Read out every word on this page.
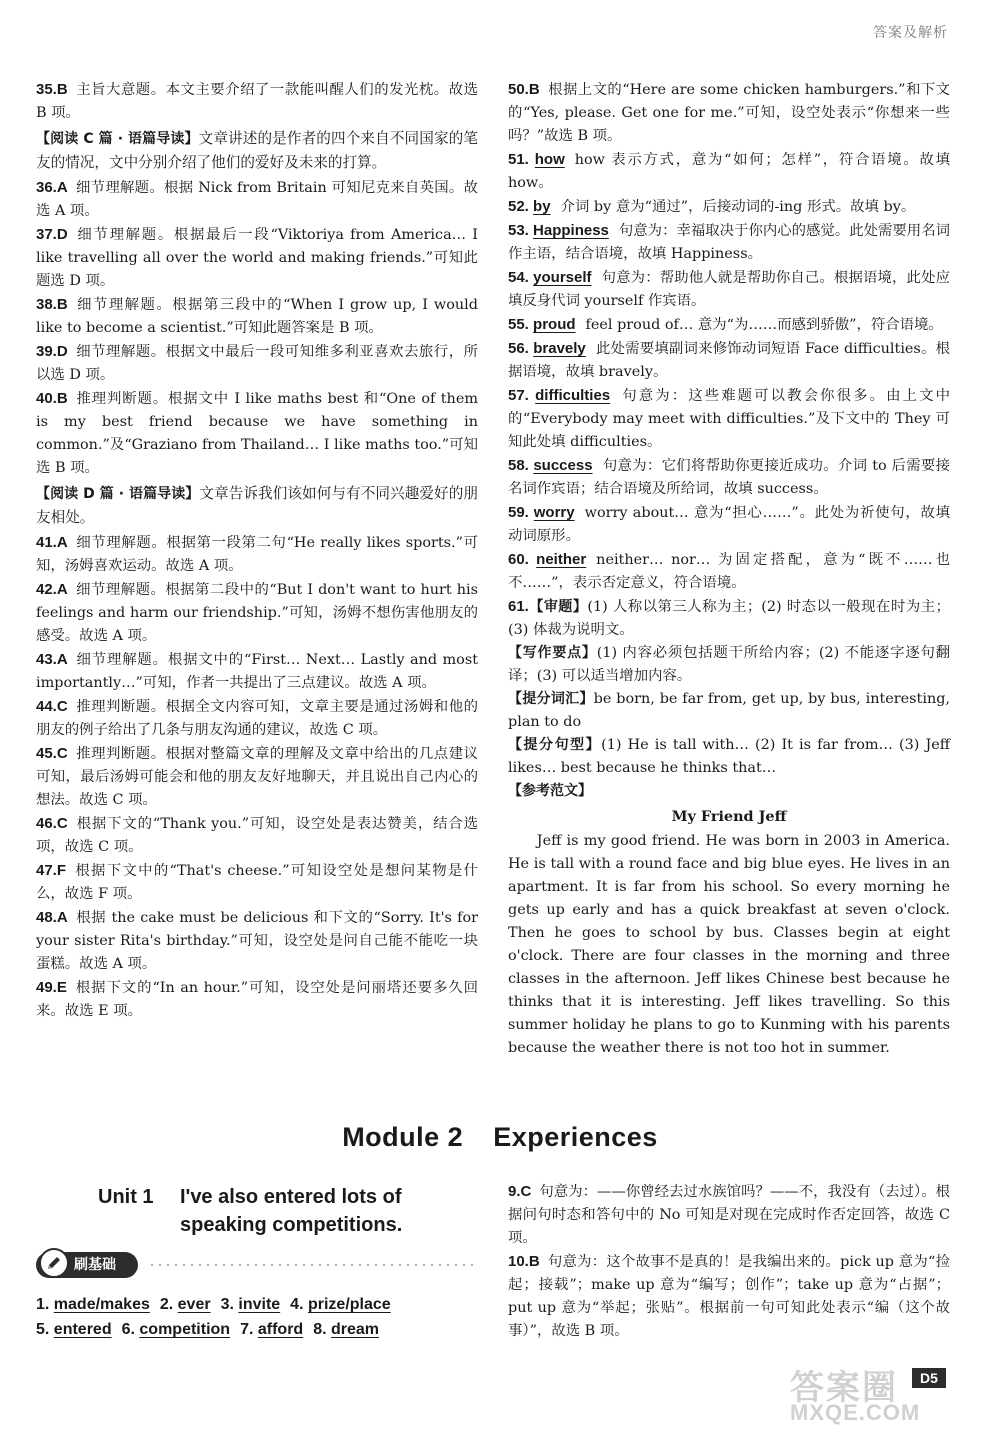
答案及解析
35.B 主旨大意题。本文主要介绍了一款能叫醒人们的发光枕。故选 B 项。
【阅读 C 篇 · 语篇导读】文章讲述的是作者的四个来自不同国家的笔友的情况，文中分别介绍了他们的爱好及未来的打算。
36.A 细节理解题。根据 Nick from Britain 可知尼克来自英国。故选 A 项。
37.D 细节理解题。根据最后一段“Viktoriya from America… I like travelling all over the world and making friends.”可知此题选 D 项。
38.B 细节理解题。根据第三段中的“When I grow up, I would like to become a scientist.”可知此题答案是 B 项。
39.D 细节理解题。根据文中最后一段可知维多利亚喜欢去旅行，所以选 D 项。
40.B 推理判断题。根据文中 I like maths best 和“One of them is my best friend because we have something in common.”及“Graziano from Thailand… I like maths too.”可知选 B 项。
【阅读 D 篇 · 语篇导读】文章告诉我们该如何与有不同兴趣爱好的朋友相处。
41.A 细节理解题。根据第一段第二句“He really likes sports.”可知，汤姆喜欢运动。故选 A 项。
42.A 细节理解题。根据第二段中的“But I don't want to hurt his feelings and harm our friendship.”可知，汤姆不想伤害他朋友的感受。故选 A 项。
43.A 细节理解题。根据文中的“First… Next… Lastly and most importantly…”可知，作者一共提出了三点建议。故选 A 项。
44.C 推理判断题。根据全文内容可知，文章主要是通过汤姆和他的朋友的例子给出了几条与朋友沟通的建议，故选 C 项。
45.C 推理判断题。根据对整篇文章的理解及文章中给出的几点建议可知，最后汤姆可能会和他的朋友友好地聊天，并且说出自己内心的想法。故选 C 项。
46.C 根据下文的“Thank you.”可知，设空处是表达赞美，结合选项，故选 C 项。
47.F 根据下文中的“That's cheese.”可知设空处是想问某物是什么，故选 F 项。
48.A 根据 the cake must be delicious 和下文的“Sorry. It's for your sister Rita's birthday.”可知，设空处是问自己能不能吃一块蛋糕。故选 A 项。
49.E 根据下文的“In an hour.”可知，设空处是问丽塔还要多久回来。故选 E 项。
50.B 根据上文的“Here are some chicken hamburgers.”和下文的“Yes, please. Get one for me.”可知，设空处表示“你想来一些吗？”故选 B 项。
51. how how 表示方式，意为“如何；怎样”，符合语境。故填 how。
52. by 介词 by 意为“通过”，后接动词的-ing 形式。故填 by。
53. Happiness 句意为：幸福取决于你内心的感觉。此处需要用名词作主语，结合语境，故填 Happiness。
54. yourself 句意为：帮助他人就是帮助你自己。根据语境，此处应填反身代词 yourself 作宾语。
55. proud feel proud of… 意为“为……而感到骄傲”，符合语境。
56. bravely 此处需要填副词来修饰动词短语 Face difficulties。根据语境，故填 bravely。
57. difficulties 句意为：这些难题可以教会你很多。由上文中的“Everybody may meet with difficulties.”及下文中的 They 可知此处填 difficulties。
58. success 句意为：它们将帮助你更接近成功。介词 to 后需要接名词作宾语；结合语境及所给词，故填 success。
59. worry worry about… 意为“担心……”。此处为祈使句，故填动词原形。
60. neither neither… nor… 为固定搭配，意为“既不……也不……”，表示否定意义，符合语境。
61.【审题】(1) 人称以第三人称为主；(2) 时态以一般现在时为主；(3) 体裁为说明文。
【写作要点】(1) 内容必须包括题干所给内容；(2) 不能逐字逐句翻译；(3) 可以适当增加内容。
【提分词汇】be born, be far from, get up, by bus, interesting, plan to do
【提分句型】(1) He is tall with… (2) It is far from… (3) Jeff likes… best because he thinks that…
【参考范文】
My Friend Jeff
Jeff is my good friend. He was born in 2003 in America. He is tall with a round face and big blue eyes. He lives in an apartment. It is far from his school. So every morning he gets up early and has a quick breakfast at seven o'clock. Then he goes to school by bus. Classes begin at eight o'clock. There are four classes in the morning and three classes in the afternoon. Jeff likes Chinese best because he thinks that it is interesting. Jeff likes travelling. So this summer holiday he plans to go to Kunming with his parents because the weather there is not too hot in summer.
Module 2 Experiences
Unit 1 I've also entered lots of
speaking competitions.
刷基础
1. made/makes 2. ever 3. invite 4. prize/place
5. entered 6. competition 7. afford 8. dream
9.C 句意为：——你曾经去过水族馆吗？——不，我没有（去过）。根据问句时态和答句中的 No 可知是对现在完成时作否定回答，故选 C 项。
10.B 句意为：这个故事不是真的！是我编出来的。pick up 意为“捡起；接载”；make up 意为“编写；创作”；take up 意为“占据”；put up 意为“举起；张贴”。根据前一句可知此处表示“编（这个故事）”，故选 B 项。
D5
答案圈
MXQE.COM
